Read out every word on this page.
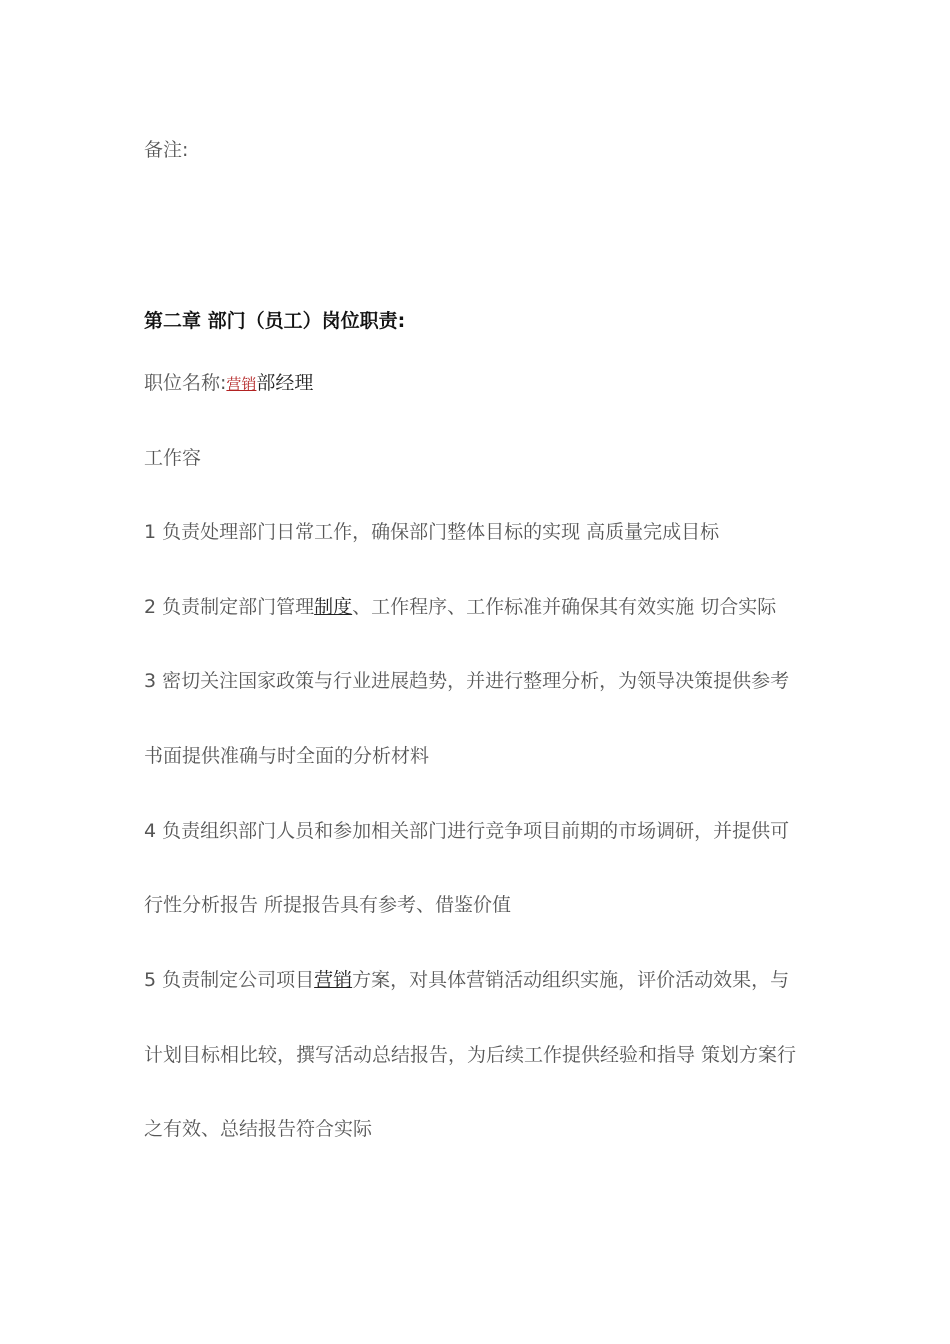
备注:
第二章 部门（员工）岗位职责:
职位名称:营销部经理
工作容
1 负责处理部门日常工作，确保部门整体目标的实现 高质量完成目标
2 负责制定部门管理制度、工作程序、工作标准并确保其有效实施 切合实际
3 密切关注国家政策与行业进展趋势，并进行整理分析，为领导决策提供参考
书面提供准确与时全面的分析材料
4 负责组织部门人员和参加相关部门进行竞争项目前期的市场调研，并提供可
行性分析报告 所提报告具有参考、借鉴价值
5 负责制定公司项目营销方案，对具体营销活动组织实施，评价活动效果，与
计划目标相比较，撰写活动总结报告，为后续工作提供经验和指导 策划方案行
之有效、总结报告符合实际
